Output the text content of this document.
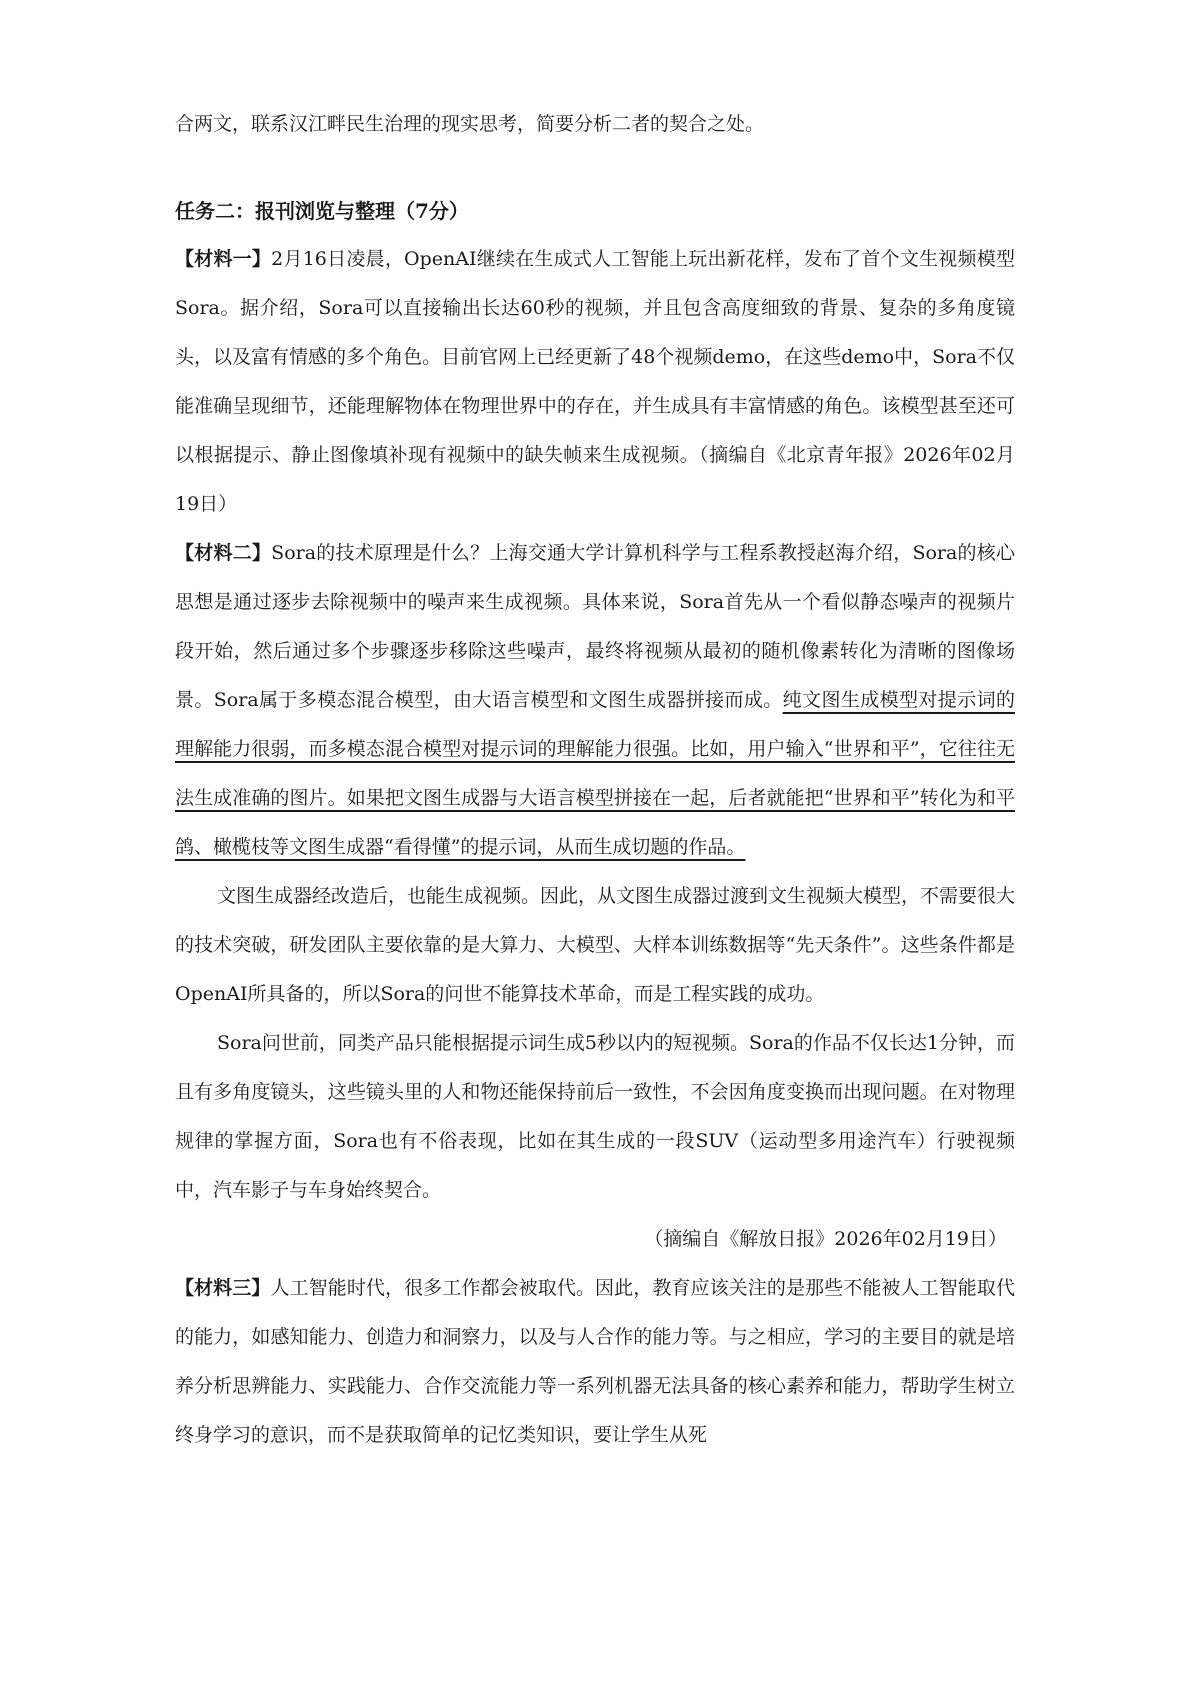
合两文，联系汉江畔民生治理的现实思考，简要分析二者的契合之处。

任务二：报刊浏览与整理（7分）

【材料一】2月16日凌晨，OpenAI继续在生成式人工智能上玩出新花样，发布了首个文生视频模型Sora。据介绍，Sora可以直接输出长达60秒的视频，并且包含高度细致的背景、复杂的多角度镜头，以及富有情感的多个角色。目前官网上已经更新了48个视频demo，在这些demo中，Sora不仅能准确呈现细节，还能理解物体在物理世界中的存在，并生成具有丰富情感的角色。该模型甚至还可以根据提示、静止图像填补现有视频中的缺失帧来生成视频。（摘编自《北京青年报》2026年02月19日）

【材料二】Sora的技术原理是什么？上海交通大学计算机科学与工程系教授赵海介绍，Sora的核心思想是通过逐步去除视频中的噪声来生成视频。具体来说，Sora首先从一个看似静态噪声的视频片段开始，然后通过多个步骤逐步移除这些噪声，最终将视频从最初的随机像素转化为清晰的图像场景。Sora属于多模态混合模型，由大语言模型和文图生成器拼接而成。纯文图生成模型对提示词的理解能力很弱，而多模态混合模型对提示词的理解能力很强。比如，用户输入“世界和平”，它往往无法生成准确的图片。如果把文图生成器与大语言模型拼接在一起，后者就能把“世界和平”转化为和平鸽、橄榄枝等文图生成器“看得懂”的提示词，从而生成切题的作品。

文图生成器经改造后，也能生成视频。因此，从文图生成器过渡到文生视频大模型，不需要很大的技术突破，研发团队主要依靠的是大算力、大模型、大样本训练数据等“先天条件”。这些条件都是OpenAI所具备的，所以Sora的问世不能算技术革命，而是工程实践的成功。

Sora问世前，同类产品只能根据提示词生成5秒以内的短视频。Sora的作品不仅长达1分钟，而且有多角度镜头，这些镜头里的人和物还能保持前后一致性，不会因角度变换而出现问题。在对物理规律的掌握方面，Sora也有不俗表现，比如在其生成的一段SUV（运动型多用途汽车）行驶视频中，汽车影子与车身始终契合。

（摘编自《解放日报》2026年02月19日）

【材料三】人工智能时代，很多工作都会被取代。因此，教育应该关注的是那些不能被人工智能取代的能力，如感知能力、创造力和洞察力，以及与人合作的能力等。与之相应，学习的主要目的就是培养分析思辨能力、实践能力、合作交流能力等一系列机器无法具备的核心素养和能力，帮助学生树立终身学习的意识，而不是获取简单的记忆类知识，要让学生从死
